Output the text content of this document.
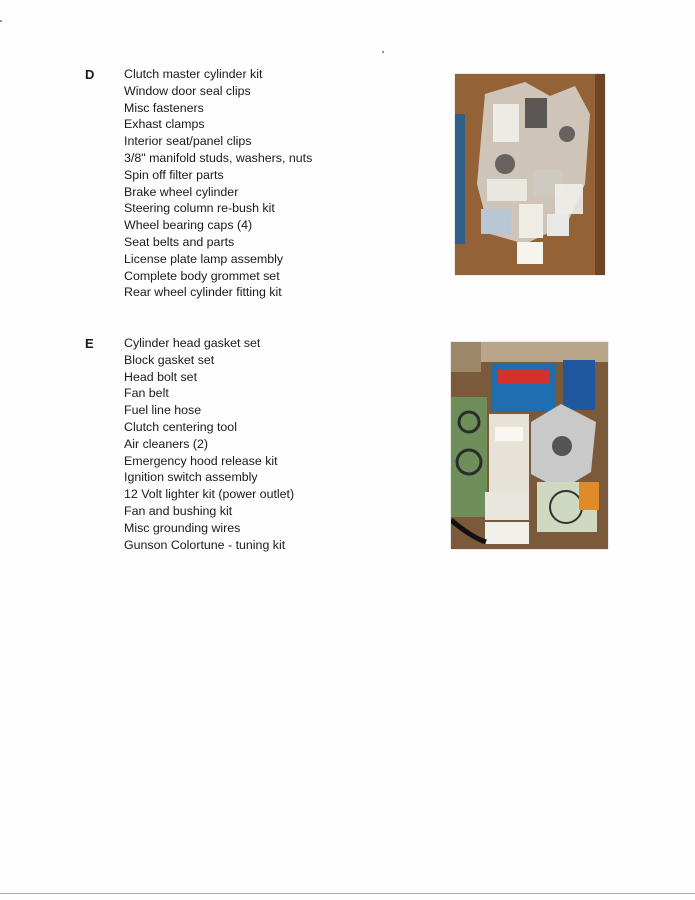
D Clutch master cylinder kit
Window door seal clips
Misc fasteners
Exhast clamps
Interior seat/panel clips
3/8" manifold studs, washers, nuts
Spin off filter parts
Brake wheel cylinder
Steering column re-bush kit
Wheel bearing caps (4)
Seat belts and parts
License plate lamp assembly
Complete body grommet set
Rear wheel cylinder fitting kit
E Cylinder head gasket set
Block gasket set
Head bolt set
Fan belt
Fuel line hose
Clutch centering tool
Air cleaners (2)
Emergency hood release kit
Ignition switch assembly
12 Volt lighter kit (power outlet)
Fan and bushing kit
Misc grounding wires
Gunson Colortune - tuning kit
